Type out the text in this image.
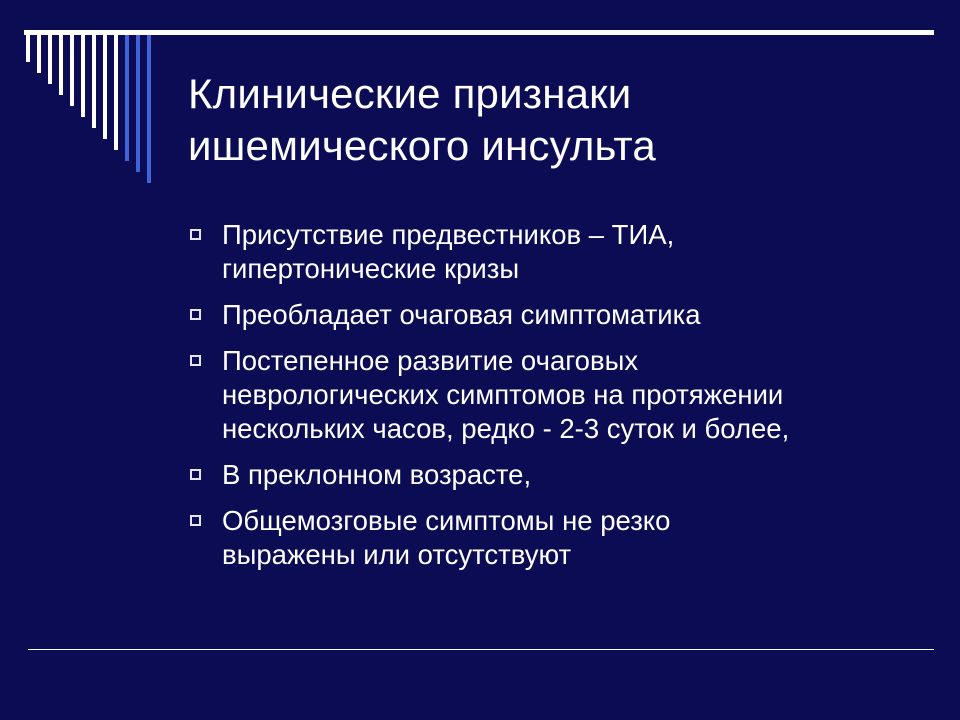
Клинические признаки
ишемического инсульта
Присутствие предвестников – ТИА,
гипертонические кризы
Преобладает очаговая симптоматика
Постепенное развитие очаговых
неврологических симптомов на протяжении
нескольких часов, редко - 2-3 суток и более,
В преклонном возрасте,
Общемозговые симптомы не резко
выражены или отсутствуют
